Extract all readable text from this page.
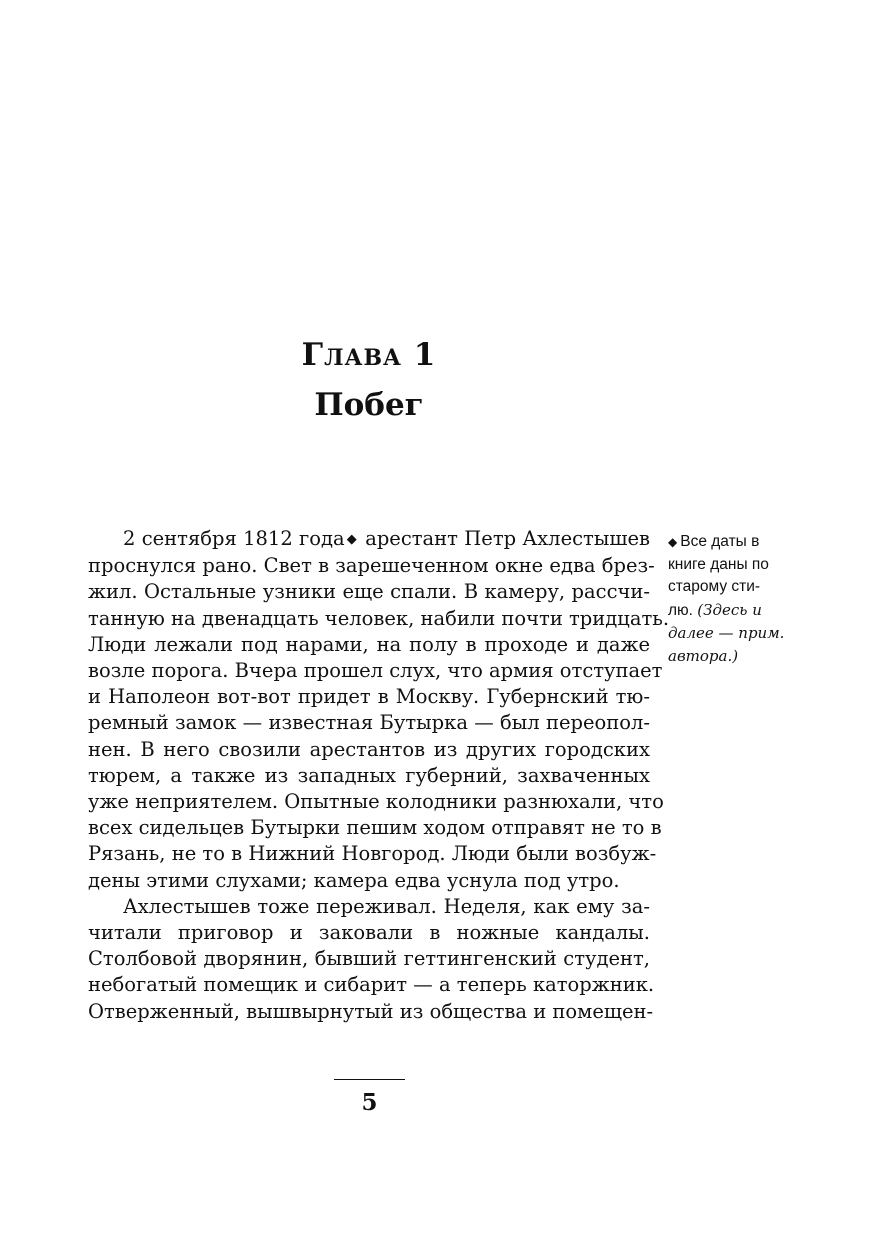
Глава 1
Побег
2 сентября 1812 года ◆ арестант Петр Ахлестышев
проснулся рано. Свет в зарешеченном окне едва брез-
жил. Остальные узники еще спали. В камеру, рассчи-
танную на двенадцать человек, набили почти тридцать.
Люди лежали под нарами, на полу в проходе и даже
возле порога. Вчера прошел слух, что армия отступает
и Наполеон вот-вот придет в Москву. Губернский тю-
ремный замок — известная Бутырка — был переопол-
нен. В него свозили арестантов из других городских
тюрем, а также из западных губерний, захваченных
уже неприятелем. Опытные колодники разнюхали, что
всех сидельцев Бутырки пешим ходом отправят не то в
Рязань, не то в Нижний Новгород. Люди были возбуж-
дены этими слухами; камера едва уснула под утро.
Ахлестышев тоже переживал. Неделя, как ему за-
читали приговор и заковали в ножные кандалы.
Столбовой дворянин, бывший геттингенский студент,
небогатый помещик и сибарит — а теперь каторжник.
Отверженный, вышвырнутый из общества и помещен-
◆ Все даты в
книге даны по
старому сти-
лю. (Здесь и
далее — прим.
автора.)
5
